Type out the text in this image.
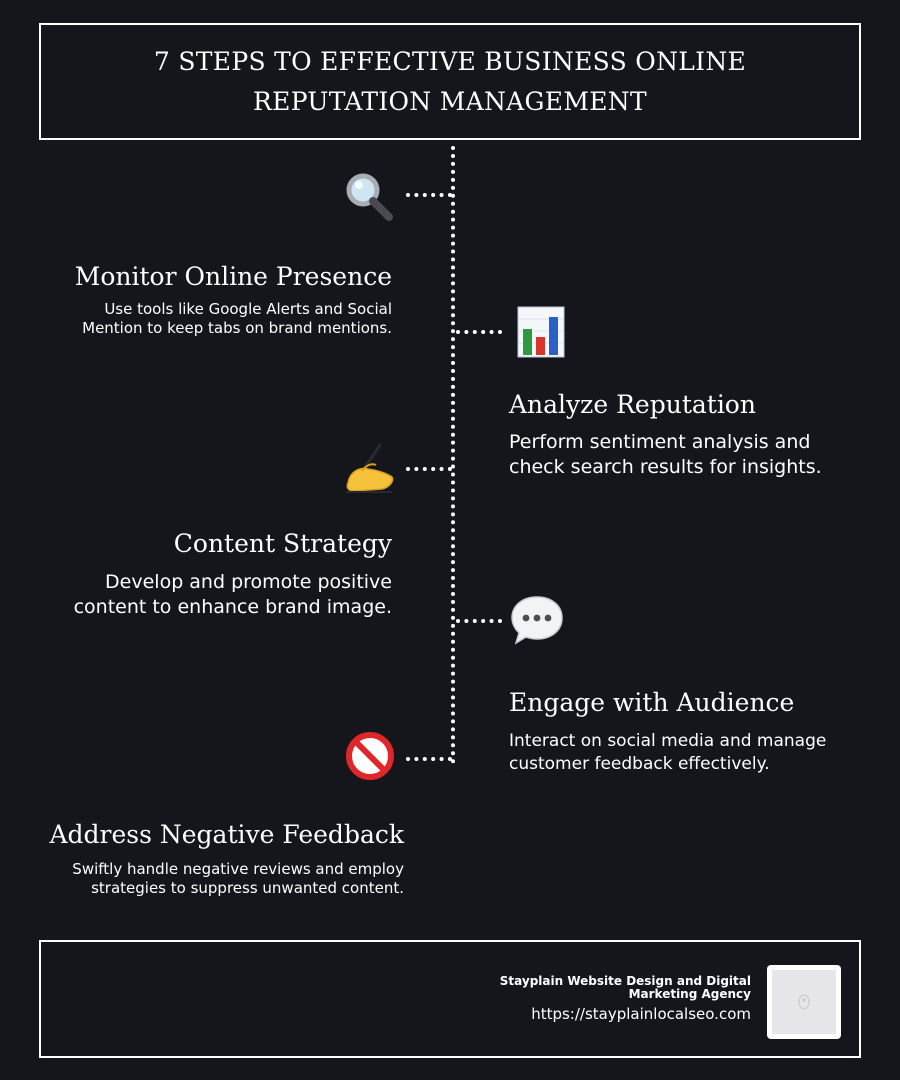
7 STEPS TO EFFECTIVE BUSINESS ONLINE REPUTATION MANAGEMENT
Monitor Online Presence
Use tools like Google Alerts and Social Mention to keep tabs on brand mentions.
Analyze Reputation
Perform sentiment analysis and check search results for insights.
Content Strategy
Develop and promote positive content to enhance brand image.
Engage with Audience
Interact on social media and manage customer feedback effectively.
Address Negative Feedback
Swiftly handle negative reviews and employ strategies to suppress unwanted content.
Stayplain Website Design and Digital Marketing Agency
https://stayplainlocalseo.com
